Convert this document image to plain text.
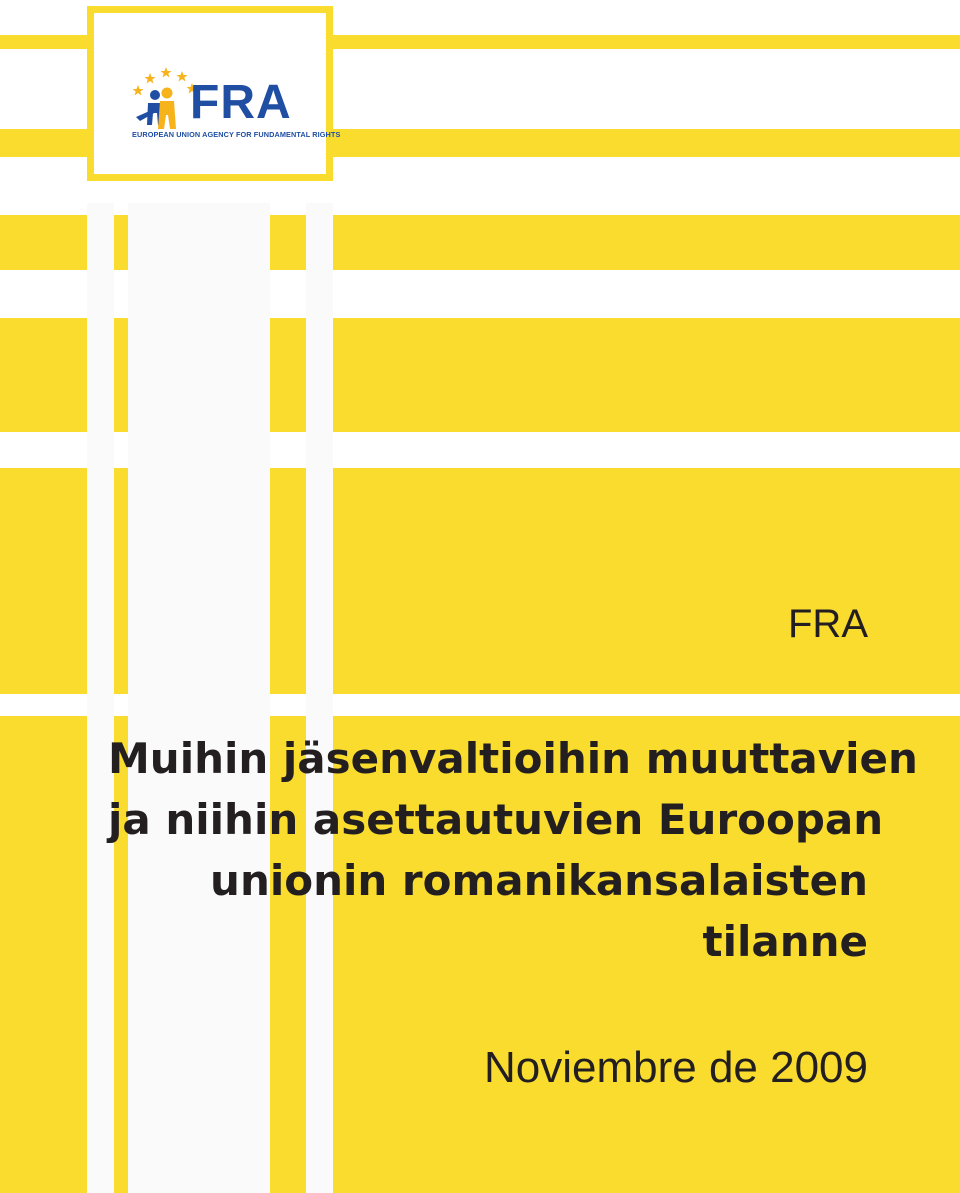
FRA
EUROPEAN UNION AGENCY FOR FUNDAMENTAL RIGHTS
FRA
Muihin jäsenvaltioihin muuttavien
ja niihin asettautuvien Euroopan
unionin romanikansalaisten
tilanne
Noviembre de 2009
